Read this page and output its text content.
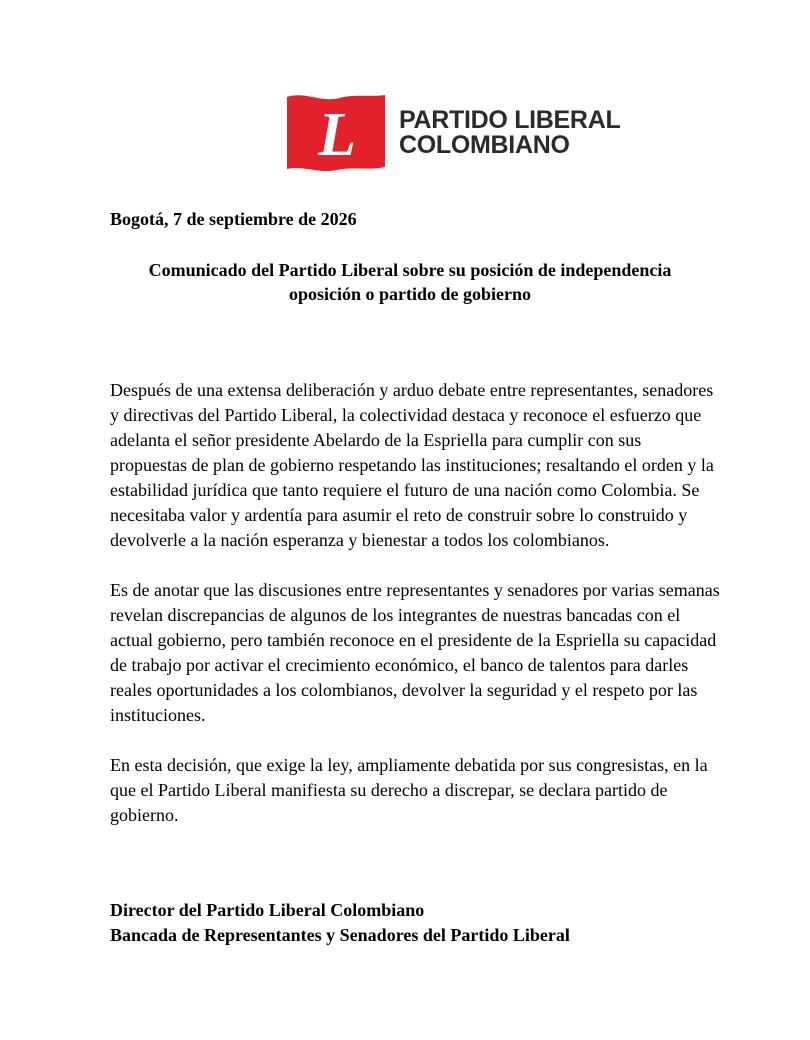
L PARTIDO LIBERAL
COLOMBIANO
Bogotá, 7 de septiembre de 2026
Comunicado del Partido Liberal sobre su posición de independencia
oposición o partido de gobierno

Después de una extensa deliberación y arduo debate entre representantes, senadores y directivas del Partido Liberal, la colectividad destaca y reconoce el esfuerzo que adelanta el señor presidente Abelardo de la Espriella para cumplir con sus propuestas de plan de gobierno respetando las instituciones; resaltando el orden y la estabilidad jurídica que tanto requiere el futuro de una nación como Colombia. Se necesitaba valor y ardentía para asumir el reto de construir sobre lo construido y devolverle a la nación esperanza y bienestar a todos los colombianos.

Es de anotar que las discusiones entre representantes y senadores por varias semanas revelan discrepancias de algunos de los integrantes de nuestras bancadas con el actual gobierno, pero también reconoce en el presidente de la Espriella su capacidad de trabajo por activar el crecimiento económico, el banco de talentos para darles reales oportunidades a los colombianos, devolver la seguridad y el respeto por las instituciones.

En esta decisión, que exige la ley, ampliamente debatida por sus congresistas, en la que el Partido Liberal manifiesta su derecho a discrepar, se declara partido de gobierno.

Director del Partido Liberal Colombiano
Bancada de Representantes y Senadores del Partido Liberal
